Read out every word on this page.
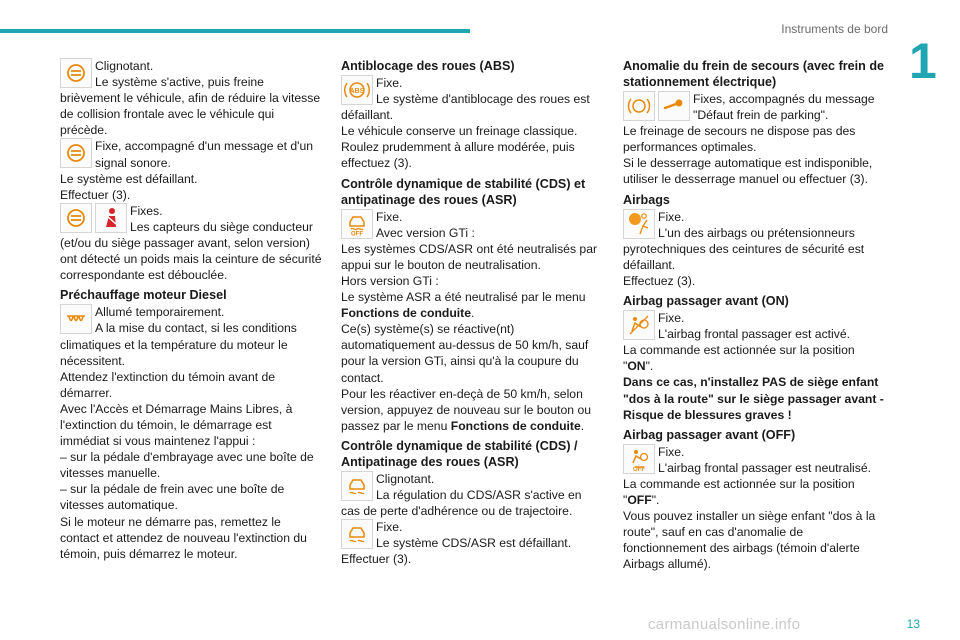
Instruments de bord
1

Clignotant.

Le système s'active, puis freine brièvement le véhicule, afin de réduire la vitesse de collision frontale avec le véhicule qui précède.

Fixe, accompagné d'un message et d'un signal sonore.

Le système est défaillant.

Effectuer (3).

Fixes.

Les capteurs du siège conducteur (et/ou du siège passager avant, selon version) ont détecté un poids mais la ceinture de sécurité correspondante est débouclée.

Préchauffage moteur Diesel

Allumé temporairement.

A la mise du contact, si les conditions climatiques et la température du moteur le nécessitent.

Attendez l'extinction du témoin avant de démarrer.

Avec l'Accès et Démarrage Mains Libres, à l'extinction du témoin, le démarrage est immédiat si vous maintenez l'appui :

– sur la pédale d'embrayage avec une boîte de vitesses manuelle.

– sur la pédale de frein avec une boîte de vitesses automatique.

Si le moteur ne démarre pas, remettez le contact et attendez de nouveau l'extinction du témoin, puis démarrez le moteur.

Antiblocage des roues (ABS)
ABS

Fixe.

Le système d'antiblocage des roues est défaillant.

Le véhicule conserve un freinage classique.

Roulez prudemment à allure modérée, puis effectuez (3).

Contrôle dynamique de stabilité (CDS) et antipatinage des roues (ASR)
OFF

Fixe.

Avec version GTi :

Les systèmes CDS/ASR ont été neutralisés par appui sur le bouton de neutralisation.

Hors version GTi :

Le système ASR a été neutralisé par le menu
Fonctions de conduite.

Ce(s) système(s) se réactive(nt) automatiquement au-dessus de 50 km/h, sauf pour la version GTi, ainsi qu'à la coupure du contact.

Pour les réactiver en-deçà de 50 km/h, selon version, appuyez de nouveau sur le bouton ou passez par le menu Fonctions de conduite.

Contrôle dynamique de stabilité (CDS) / Antipatinage des roues (ASR)

Clignotant.

La régulation du CDS/ASR s'active en cas de perte d'adhérence ou de trajectoire.

Fixe.

Le système CDS/ASR est défaillant.

Effectuer (3).

Anomalie du frein de secours (avec frein de stationnement électrique)

Fixes, accompagnés du message "Défaut frein de parking".

Le freinage de secours ne dispose pas des performances optimales.

Si le desserrage automatique est indisponible, utiliser le desserrage manuel ou effectuer (3).

Airbags

Fixe.

L'un des airbags ou prétensionneurs pyrotechniques des ceintures de sécurité est défaillant.

Effectuez (3).

Airbag passager avant (ON)

Fixe.

L'airbag frontal passager est activé.

La commande est actionnée sur la position

"ON".

Dans ce cas, n'installez PAS de siège enfant "dos à la route" sur le siège passager avant - Risque de blessures graves !

Airbag passager avant (OFF)
OFF

Fixe.

L'airbag frontal passager est neutralisé.

La commande est actionnée sur la position

"OFF".

Vous pouvez installer un siège enfant "dos à la route", sauf en cas d'anomalie de fonctionnement des airbags (témoin d'alerte Airbags allumé).

carmanualsonline.info	13
